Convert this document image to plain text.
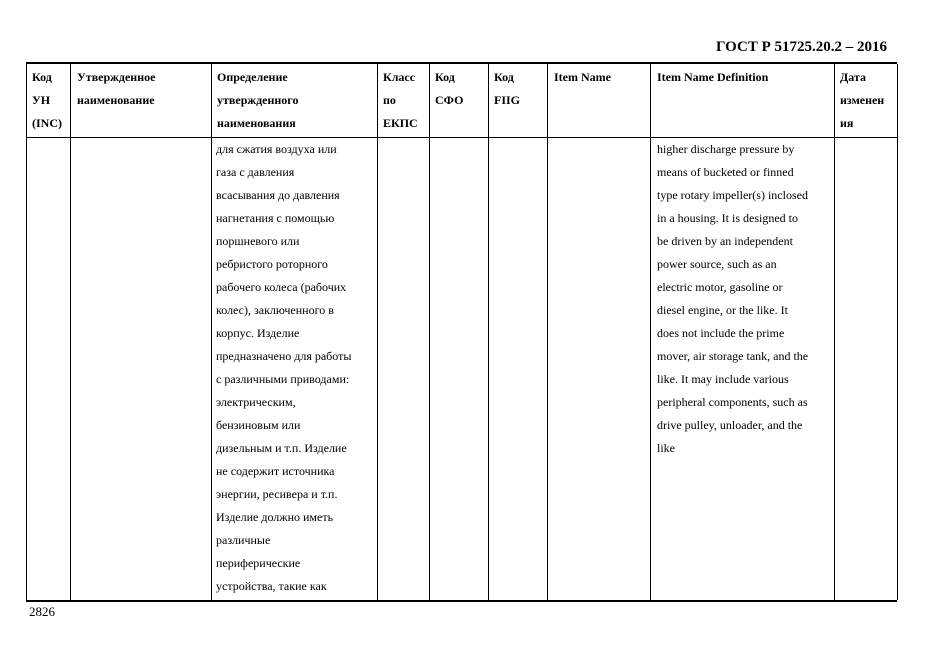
ГОСТ Р 51725.20.2 – 2016
Код
УН
(INC)
Утвержденное
наименование
Определение
утвержденного
наименования
Класс
по
ЕКПС
Код
СФО
Код
FIIG
Item Name	Item Name Definition	Дата
изменен
ия
для сжатия воздуха или
газа с давления
всасывания до давления
нагнетания с помощью
поршневого или
ребристого роторного
рабочего колеса (рабочих
колес), заключенного в
корпус. Изделие
предназначено для работы
с различными приводами:
электрическим,
бензиновым или
дизельным и т.п. Изделие
не содержит источника
энергии, ресивера и т.п.
Изделие должно иметь
различные
периферические
устройства, такие как
higher discharge pressure by
means of bucketed or finned
type rotary impeller(s) inclosed
in a housing. It is designed to
be driven by an independent
power source, such as an
electric motor, gasoline or
diesel engine, or the like. It
does not include the prime
mover, air storage tank, and the
like. It may include various
peripheral components, such as
drive pulley, unloader, and the
like
2826
